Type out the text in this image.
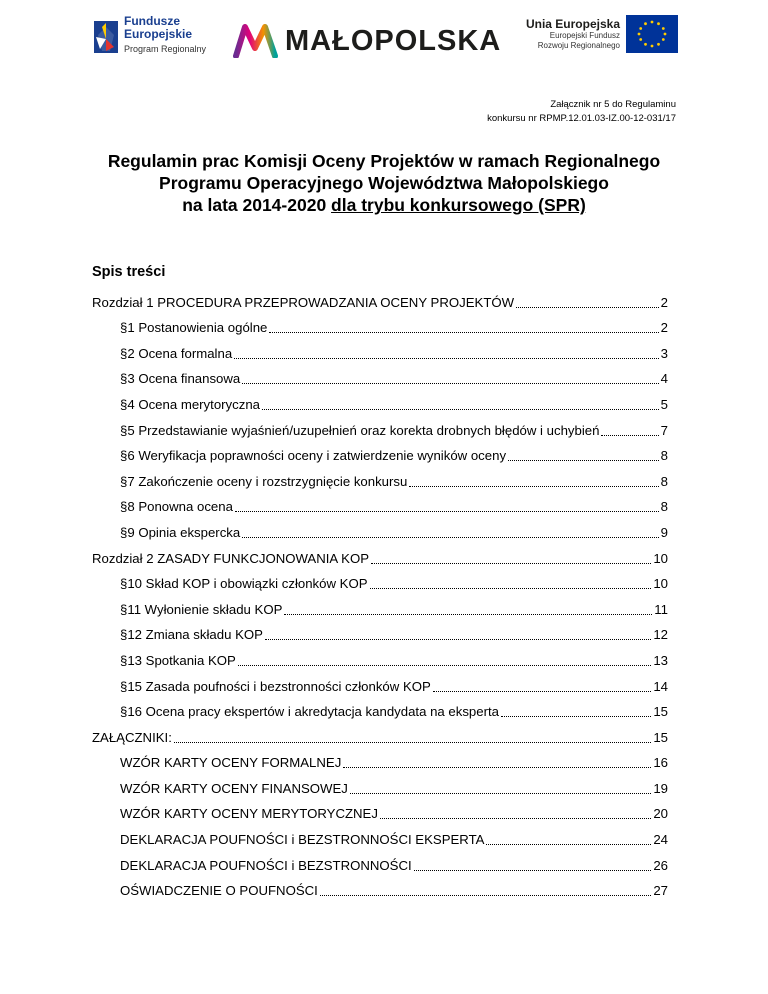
Fundusze
Europejskie
Program Regionalny	MAŁOPOLSKA
Unia Europejska
Europejski Fundusz
Rozwoju Regionalnego
Załącznik nr 5 do Regulaminu
konkursu nr RPMP.12.01.03-IZ.00-12-031/17
Regulamin prac Komisji Oceny Projektów w ramach Regionalnego
Programu Operacyjnego Województwa Małopolskiego
na lata 2014-2020 dla trybu konkursowego (SPR)
Spis treści
Rozdział 1 PROCEDURA PRZEPROWADZANIA OCENY PROJEKTÓW	2
§1 Postanowienia ogólne	2
§2 Ocena formalna	3
§3 Ocena finansowa	4
§4 Ocena merytoryczna	5
§5 Przedstawianie wyjaśnień/uzupełnień oraz korekta drobnych błędów i uchybień	7
§6 Weryfikacja poprawności oceny i zatwierdzenie wyników oceny	8
§7 Zakończenie oceny i rozstrzygnięcie konkursu	8
§8 Ponowna ocena	8
§9 Opinia ekspercka	9
Rozdział 2 ZASADY FUNKCJONOWANIA KOP	10
§10 Skład KOP i obowiązki członków KOP	10
§11 Wyłonienie składu KOP	11
§12 Zmiana składu KOP	12
§13 Spotkania KOP	13
§15 Zasada poufności i bezstronności członków KOP	14
§16 Ocena pracy ekspertów i akredytacja kandydata na eksperta	15
ZAŁĄCZNIKI:	15
WZÓR KARTY OCENY FORMALNEJ	16
WZÓR KARTY OCENY FINANSOWEJ	19
WZÓR KARTY OCENY MERYTORYCZNEJ	20
DEKLARACJA POUFNOŚCI i BEZSTRONNOŚCI EKSPERTA	24
DEKLARACJA POUFNOŚCI i BEZSTRONNOŚCI	26
OŚWIADCZENIE O POUFNOŚCI	27
